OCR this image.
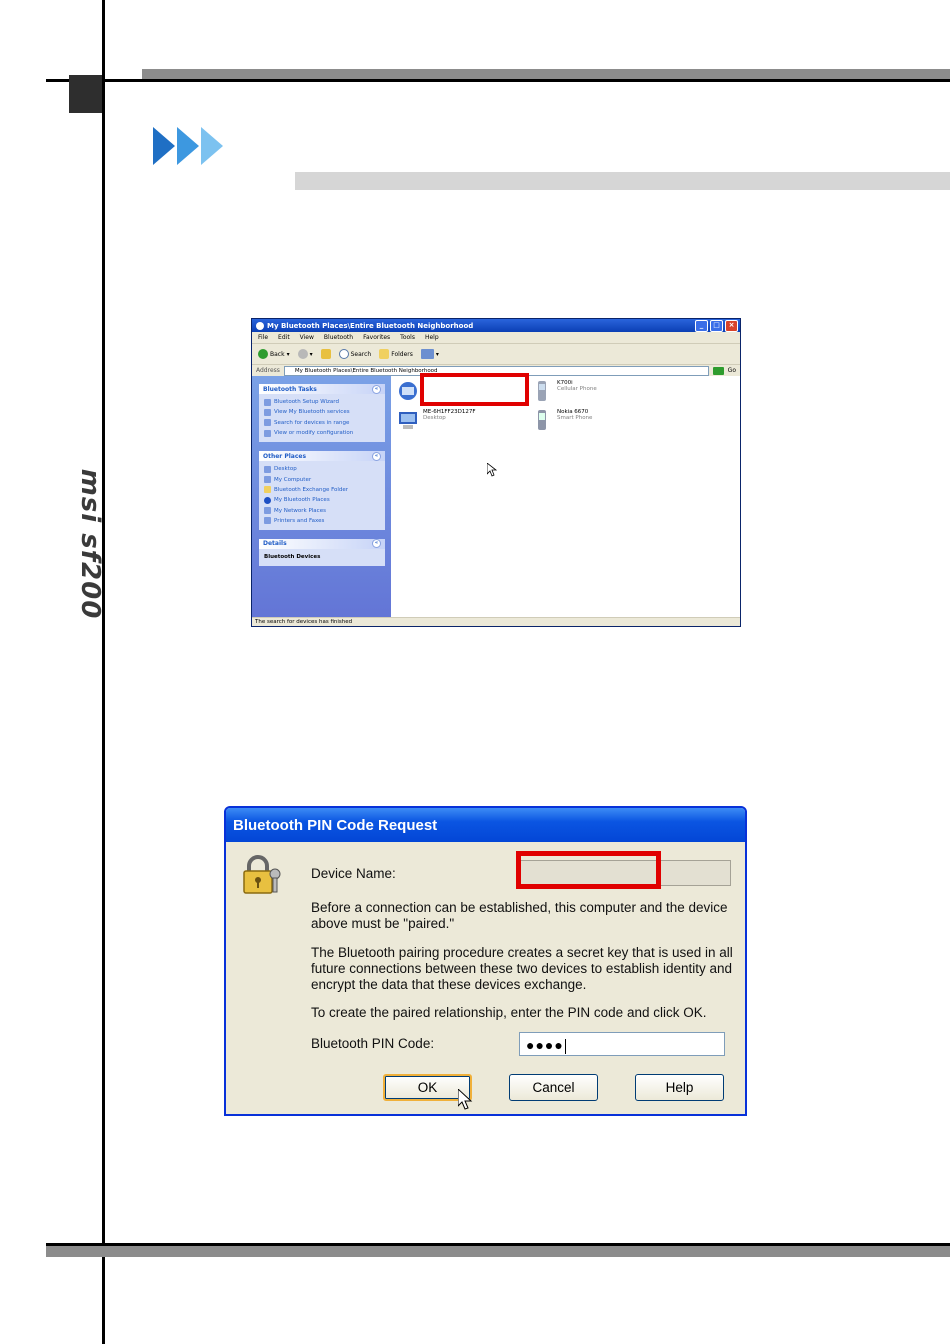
msi sf200
My Bluetooth Places\Entire Bluetooth Neighborhood	_	□	×
File Edit View Bluetooth Favorites Tools Help
Back ▾	▾	Search	Folders	▾
Address	My Bluetooth Places\Entire Bluetooth Neighborhood	Go
Bluetooth Tasks	«
Bluetooth Setup Wizard
View My Bluetooth services
Search for devices in range
View or modify configuration
Other Places	«
Desktop
My Computer
Bluetooth Exchange Folder
My Bluetooth Places
My Network Places
Printers and Faxes
Details	«
Bluetooth Devices
K700i
Cellular Phone
ME-6H1FF23D127F
Desktop
Nokia 6670
Smart Phone
The search for devices has finished
Bluetooth PIN Code Request
Device Name:
Before a connection can be established, this computer and the device
above must be "paired."
The Bluetooth pairing procedure creates a secret key that is used in all
future connections between these two devices to establish identity and
encrypt the data that these devices exchange.
To create the paired relationship, enter the PIN code and click OK.
Bluetooth PIN Code:	●●●●
OK	Cancel	Help
